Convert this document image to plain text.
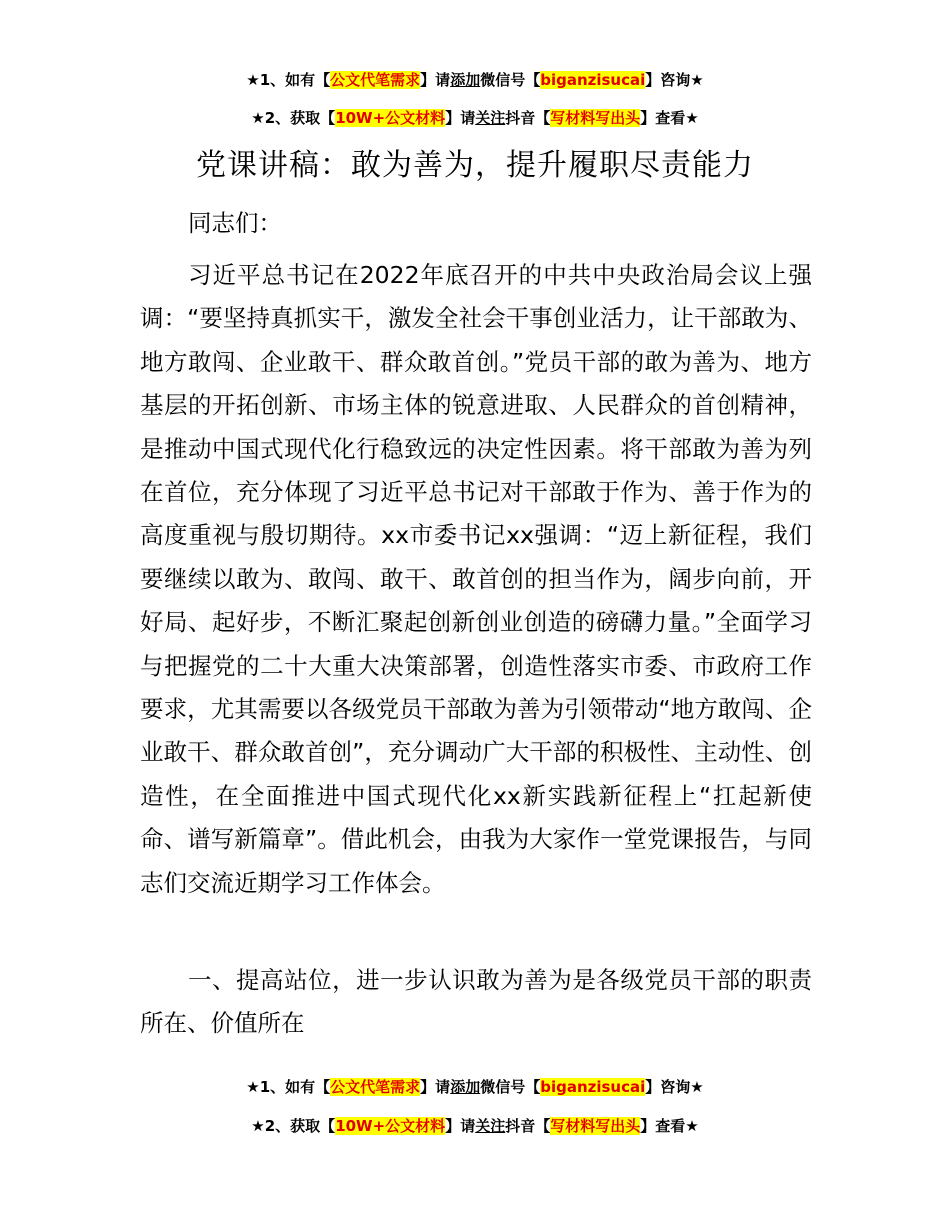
★1、如有【公文代笔需求】请添加微信号【biganzisucai】咨询★
★2、获取【10W+公文材料】请关注抖音【写材料写出头】查看★
党课讲稿：敢为善为，提升履职尽责能力
同志们：
习近平总书记在2022年底召开的中共中央政治局会议上强调：“要坚持真抓实干，激发全社会干事创业活力，让干部敢为、地方敢闯、企业敢干、群众敢首创。”党员干部的敢为善为、地方基层的开拓创新、市场主体的锐意进取、人民群众的首创精神，是推动中国式现代化行稳致远的决定性因素。将干部敢为善为列在首位，充分体现了习近平总书记对干部敢于作为、善于作为的高度重视与殷切期待。xx市委书记xx强调：“迈上新征程，我们要继续以敢为、敢闯、敢干、敢首创的担当作为，阔步向前，开好局、起好步，不断汇聚起创新创业创造的磅礴力量。”全面学习与把握党的二十大重大决策部署，创造性落实市委、市政府工作要求，尤其需要以各级党员干部敢为善为引领带动“地方敢闯、企业敢干、群众敢首创”，充分调动广大干部的积极性、主动性、创造性，在全面推进中国式现代化xx新实践新征程上“扛起新使命、谱写新篇章”。借此机会，由我为大家作一堂党课报告，与同志们交流近期学习工作体会。
一、提高站位，进一步认识敢为善为是各级党员干部的职责所在、价值所在
★1、如有【公文代笔需求】请添加微信号【biganzisucai】咨询★
★2、获取【10W+公文材料】请关注抖音【写材料写出头】查看★
